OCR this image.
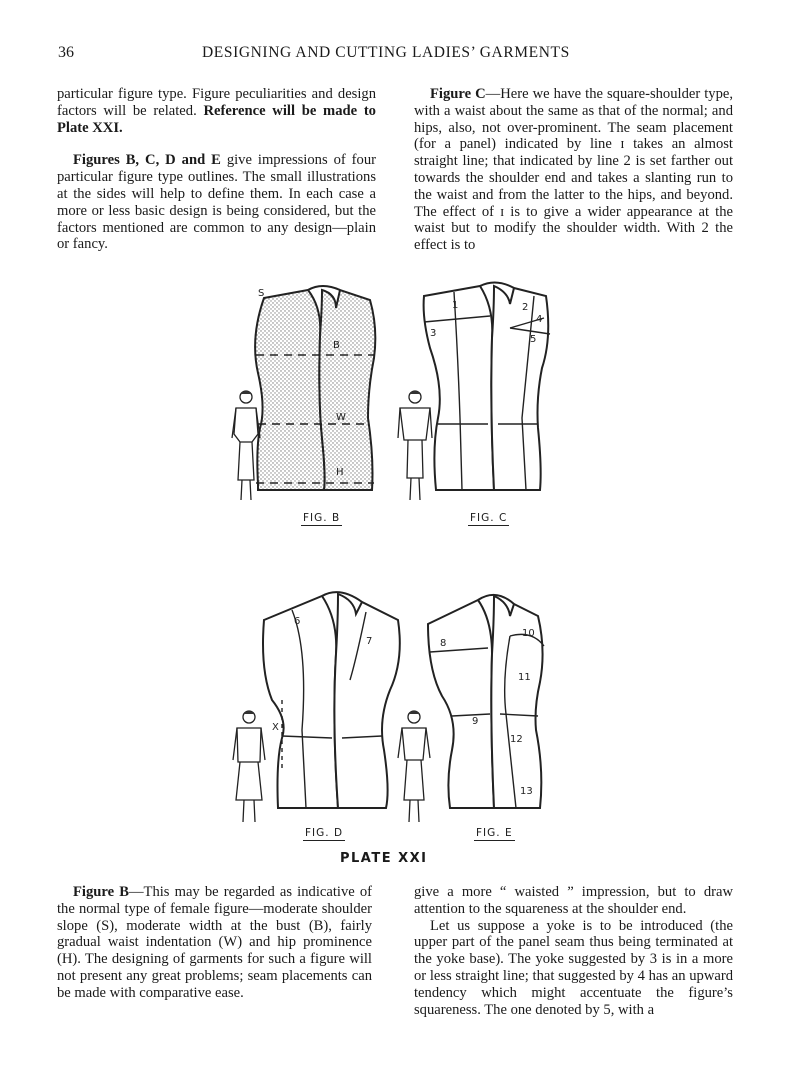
36	DESIGNING AND CUTTING LADIES’ GARMENTS

particular figure type. Figure peculiarities and design factors will be related. Reference will be made to Plate XXI.

Figures B, C, D and E give impressions of four particular figure type outlines. The small illustrations at the sides will help to define them. In each case a more or less basic design is being considered, but the factors mentioned are common to any design—plain or fancy.

Figure C—Here we have the square-shoulder type, with a waist about the same as that of the normal; and hips, also, not over-prominent. The seam placement (for a panel) indicated by line ɪ takes an almost straight line; that indicated by line 2 is set farther out towards the shoulder end and takes a slanting run to the waist and from the latter to the hips, and beyond. The effect of ɪ is to give a wider appearance at the waist but to modify the shoulder width. With 2 the effect is to

S
B
W
H
FIG. B
1	2
3
4
5
FIG. C
6
7
X
FIG. D
8
9
10
11
12
13
FIG. E
PLATE XXI

Figure B—This may be regarded as indicative of the normal type of female figure—moderate shoulder slope (S), moderate width at the bust (B), fairly gradual waist indentation (W) and hip prominence (H). The designing of garments for such a figure will not present any great problems; seam placements can be made with comparative ease.

give a more “ waisted ” impression, but to draw attention to the squareness at the shoulder end.

Let us suppose a yoke is to be introduced (the upper part of the panel seam thus being terminated at the yoke base). The yoke suggested by 3 is in a more or less straight line; that suggested by 4 has an upward tendency which might accentuate the figure’s squareness. The one denoted by 5, with a
